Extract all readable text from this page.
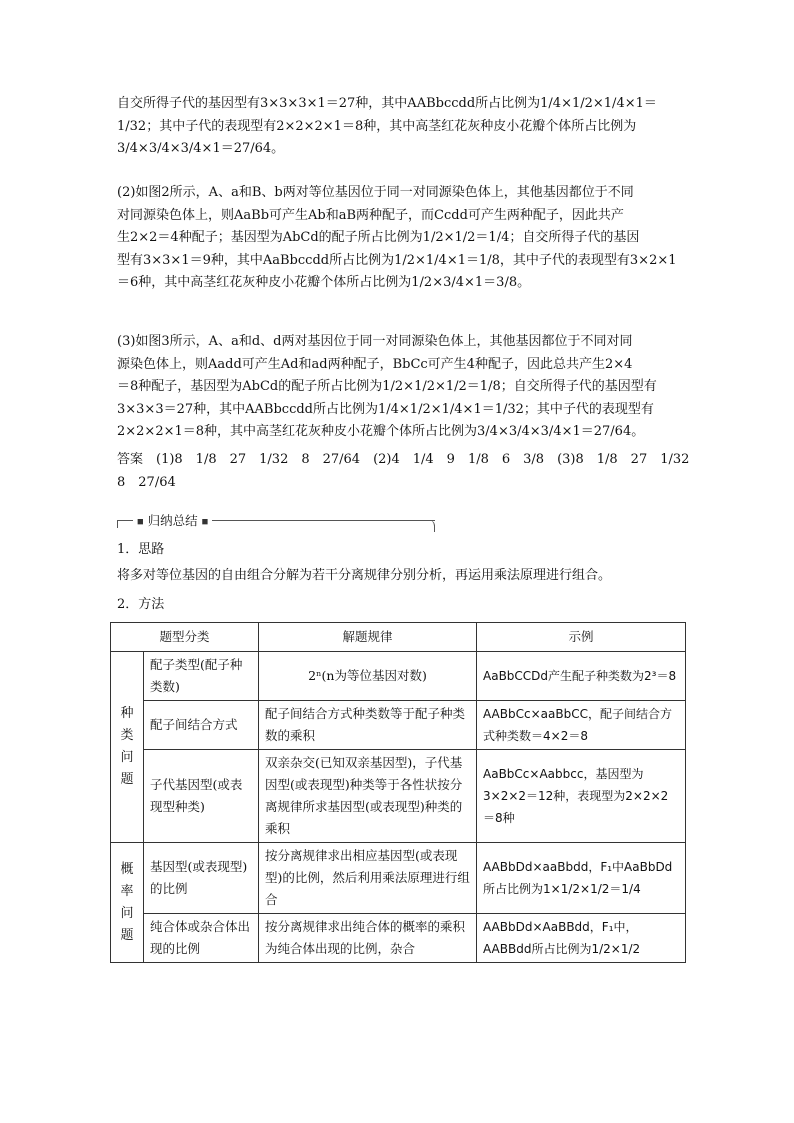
自交所得子代的基因型有3×3×3×1＝27种，其中AABbccdd所占比例为1/4×1/2×1/4×1＝
1/32；其中子代的表现型有2×2×2×1＝8种，其中高茎红花灰种皮小花瓣个体所占比例为
3/4×3/4×3/4×1＝27/64。
(2)如图2所示，A、a和B、b两对等位基因位于同一对同源染色体上，其他基因都位于不同
对同源染色体上，则AaBb可产生Ab和aB两种配子，而Ccdd可产生两种配子，因此共产
生2×2＝4种配子；基因型为AbCd的配子所占比例为1/2×1/2＝1/4；自交所得子代的基因
型有3×3×1＝9种，其中AaBbccdd所占比例为1/2×1/4×1＝1/8，其中子代的表现型有3×2×1
＝6种，其中高茎红花灰种皮小花瓣个体所占比例为1/2×3/4×1＝3/8。
(3)如图3所示，A、a和d、d两对基因位于同一对同源染色体上，其他基因都位于不同对同
源染色体上，则Aadd可产生Ad和ad两种配子，BbCc可产生4种配子，因此总共产生2×4
＝8种配子，基因型为AbCd的配子所占比例为1/2×1/2×1/2＝1/8；自交所得子代的基因型有
3×3×3＝27种，其中AABbccdd所占比例为1/4×1/2×1/4×1＝1/32；其中子代的表现型有
2×2×2×1＝8种，其中高茎红花灰种皮小花瓣个体所占比例为3/4×3/4×3/4×1＝27/64。
答案　(1)8　1/8　27　1/32　8　27/64　(2)4　1/4　9　1/8　6　3/8　(3)8　1/8　27　1/32
8　27/64
■ 归纳总结 ■
1．思路
将多对等位基因的自由组合分解为若干分离规律分别分析，再运用乘法原理进行组合。
2．方法
题型分类		解题规律	示例
种类问题	配子类型(配子种类数)	2ⁿ(n为等位基因对数)	AaBbCCDd产生配子种类数为2³＝8
	配子间结合方式	配子间结合方式种类数等于配子种类数的乘积	AABbCc×aaBbCC，配子间结合方式种类数＝4×2＝8
	子代基因型(或表现型种类)	双亲杂交(已知双亲基因型)，子代基因型(或表现型)种类等于各性状按分离规律所求基因型(或表现型)种类的乘积	AaBbCc×Aabbcc，基因型为3×2×2＝12种，表现型为2×2×2＝8种
概率问题	基因型(或表现型)的比例	按分离规律求出相应基因型(或表现型)的比例，然后利用乘法原理进行组合	AABbDd×aaBbdd，F₁中AaBbDd所占比例为1×1/2×1/2＝1/4
	纯合体或杂合体出现的比例	按分离规律求出纯合体的概率的乘积为纯合体出现的比例，杂合	AABbDd×AaBBdd，F₁中，AABBdd所占比例为1/2×1/2
